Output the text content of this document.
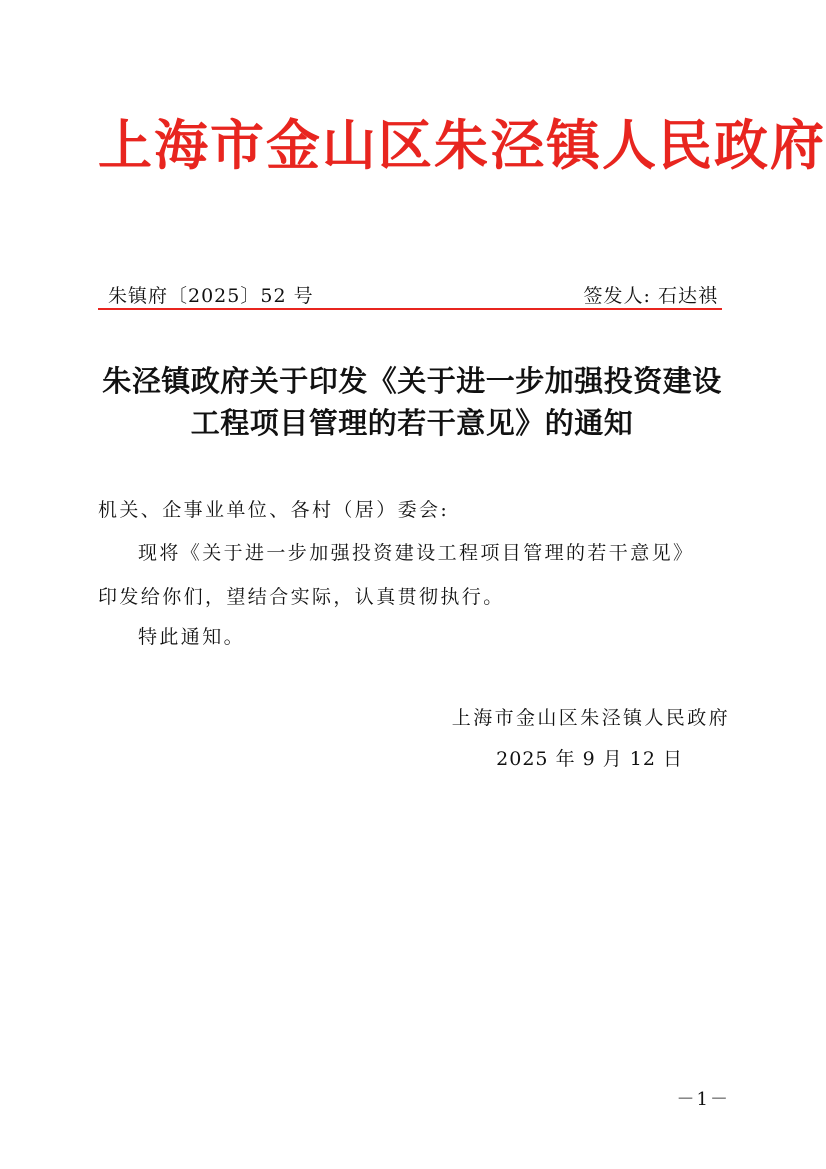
上海市金山区朱泾镇人民政府
朱镇府〔2025〕52 号	签发人: 石达祺
朱泾镇政府关于印发《关于进一步加强投资建设
工程项目管理的若干意见》的通知
机关、企事业单位、各村（居）委会:
现将《关于进一步加强投资建设工程项目管理的若干意见》
印发给你们，望结合实际，认真贯彻执行。
特此通知。
上海市金山区朱泾镇人民政府
2025 年 9 月 12 日
－1－
